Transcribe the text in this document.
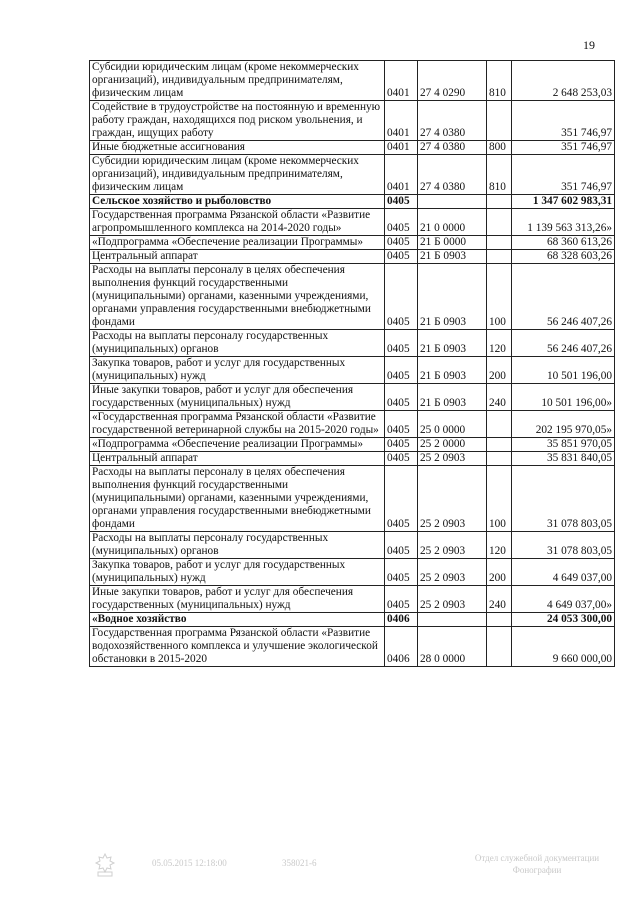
19
Субсидии юридическим лицам (кроме некоммерческих организаций), индивидуальным предпринимателям, физическим лицам	0401	27 4 0290	810	2 648 253,03
Содействие в трудоустройстве на постоянную и временную работу граждан, находящихся под риском увольнения, и граждан, ищущих работу	0401	27 4 0380		351 746,97
Иные бюджетные ассигнования	0401	27 4 0380	800	351 746,97
Субсидии юридическим лицам (кроме некоммерческих организаций), индивидуальным предпринимателям, физическим лицам	0401	27 4 0380	810	351 746,97
Сельское хозяйство и рыболовство	0405			1 347 602 983,31
Государственная программа Рязанской области «Развитие агропромышленного комплекса на 2014-2020 годы»	0405	21 0 0000		1 139 563 313,26»
«Подпрограмма «Обеспечение реализации Программы»	0405	21 Б 0000		68 360 613,26
Центральный аппарат	0405	21 Б 0903		68 328 603,26
Расходы на выплаты персоналу в целях обеспечения выполнения функций государственными (муниципальными) органами, казенными учреждениями, органами управления государственными внебюджетными фондами	0405	21 Б 0903	100	56 246 407,26
Расходы на выплаты персоналу государственных (муниципальных) органов	0405	21 Б 0903	120	56 246 407,26
Закупка товаров, работ и услуг для государственных (муниципальных) нужд	0405	21 Б 0903	200	10 501 196,00
Иные закупки товаров, работ и услуг для обеспечения государственных (муниципальных) нужд	0405	21 Б 0903	240	10 501 196,00»
«Государственная программа Рязанской области «Развитие государственной ветеринарной службы на 2015-2020 годы»	0405	25 0 0000		202 195 970,05»
«Подпрограмма «Обеспечение реализации Программы»	0405	25 2 0000		35 851 970,05
Центральный аппарат	0405	25 2 0903		35 831 840,05
Расходы на выплаты персоналу в целях обеспечения выполнения функций государственными (муниципальными) органами, казенными учреждениями, органами управления государственными внебюджетными фондами	0405	25 2 0903	100	31 078 803,05
Расходы на выплаты персоналу государственных (муниципальных) органов	0405	25 2 0903	120	31 078 803,05
Закупка товаров, работ и услуг для государственных (муниципальных) нужд	0405	25 2 0903	200	4 649 037,00
Иные закупки товаров, работ и услуг для обеспечения государственных (муниципальных) нужд	0405	25 2 0903	240	4 649 037,00»
«Водное хозяйство	0406			24 053 300,00
Государственная программа Рязанской области «Развитие водохозяйственного комплекса и улучшение экологической обстановки в 2015-2020	0406	28 0 0000		9 660 000,00
05.05.2015 12:18:00	358021-6	Отдел служебной документации Фонографии
